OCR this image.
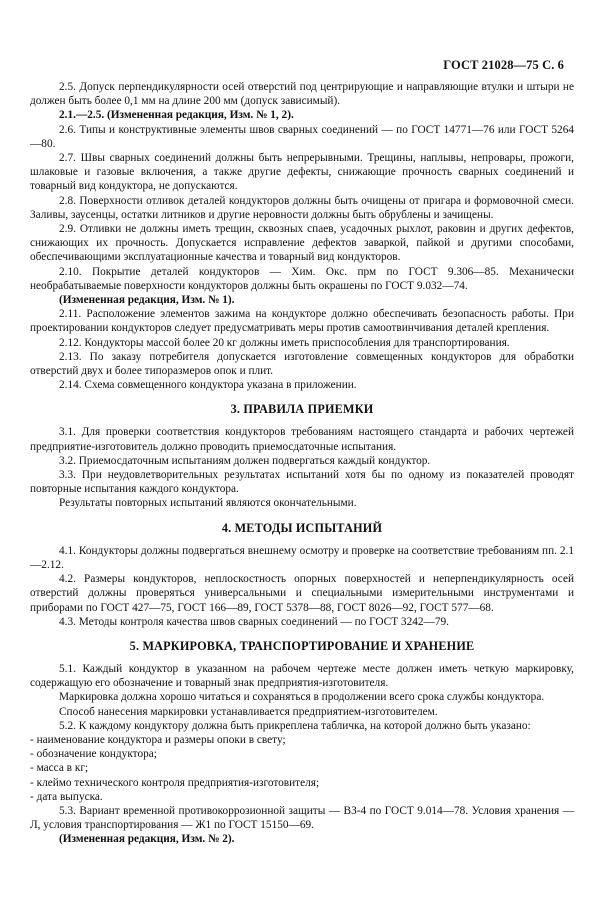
ГОСТ 21028—75 С. 6

2.5. Допуск перпендикулярности осей отверстий под центрирующие и направляющие втулки и штыри не должен быть более 0,1 мм на длине 200 мм (допуск зависимый).

2.1.—2.5. (Измененная редакция, Изм. № 1, 2).

2.6. Типы и конструктивные элементы швов сварных соединений — по ГОСТ 14771—76 или ГОСТ 5264—80.

2.7. Швы сварных соединений должны быть непрерывными. Трещины, наплывы, непровары, прожоги, шлаковые и газовые включения, а также другие дефекты, снижающие прочность сварных соединений и товарный вид кондуктора, не допускаются.

2.8. Поверхности отливок деталей кондукторов должны быть очищены от пригара и формовочной смеси. Заливы, заусенцы, остатки литников и другие неровности должны быть обрублены и зачищены.

2.9. Отливки не должны иметь трещин, сквозных спаев, усадочных рыхлот, раковин и других дефектов, снижающих их прочность. Допускается исправление дефектов заваркой, пайкой и другими способами, обеспечивающими эксплуатационные качества и товарный вид кондукторов.

2.10. Покрытие деталей кондукторов — Хим. Окс. прм по ГОСТ 9.306—85. Механически необрабатываемые поверхности кондукторов должны быть окрашены по ГОСТ 9.032—74.

(Измененная редакция, Изм. № 1).

2.11. Расположение элементов зажима на кондукторе должно обеспечивать безопасность работы. При проектировании кондукторов следует предусматривать меры против самоотвинчивания деталей крепления.

2.12. Кондукторы массой более 20 кг должны иметь приспособления для транспортирования.

2.13. По заказу потребителя допускается изготовление совмещенных кондукторов для обработки отверстий двух и более типоразмеров опок и плит.

2.14. Схема совмещенного кондуктора указана в приложении.

3. ПРАВИЛА ПРИЕМКИ

3.1. Для проверки соответствия кондукторов требованиям настоящего стандарта и рабочих чертежей предприятие-изготовитель должно проводить приемосдаточные испытания.

3.2. Приемосдаточным испытаниям должен подвергаться каждый кондуктор.

3.3. При неудовлетворительных результатах испытаний хотя бы по одному из показателей проводят повторные испытания каждого кондуктора.

Результаты повторных испытаний являются окончательными.

4. МЕТОДЫ ИСПЫТАНИЙ

4.1. Кондукторы должны подвергаться внешнему осмотру и проверке на соответствие требованиям пп. 2.1—2.12.

4.2. Размеры кондукторов, неплоскостность опорных поверхностей и неперпендикулярность осей отверстий должны проверяться универсальными и специальными измерительными инструментами и приборами по ГОСТ 427—75, ГОСТ 166—89, ГОСТ 5378—88, ГОСТ 8026—92, ГОСТ 577—68.

4.3. Методы контроля качества швов сварных соединений — по ГОСТ 3242—79.

5. МАРКИРОВКА, ТРАНСПОРТИРОВАНИЕ И ХРАНЕНИЕ

5.1. Каждый кондуктор в указанном на рабочем чертеже месте должен иметь четкую маркировку, содержащую его обозначение и товарный знак предприятия-изготовителя.

Маркировка должна хорошо читаться и сохраняться в продолжении всего срока службы кондуктора.

Способ нанесения маркировки устанавливается предприятием-изготовителем.

5.2. К каждому кондуктору должна быть прикреплена табличка, на которой должно быть указано:

- наименование кондуктора и размеры опоки в свету;

- обозначение кондуктора;

- масса в кг;

- клеймо технического контроля предприятия-изготовителя;

- дата выпуска.

5.3. Вариант временной противокоррозионной защиты — ВЗ-4 по ГОСТ 9.014—78. Условия хранения — Л, условия транспортирования — Ж1 по ГОСТ 15150—69.

(Измененная редакция, Изм. № 2).
